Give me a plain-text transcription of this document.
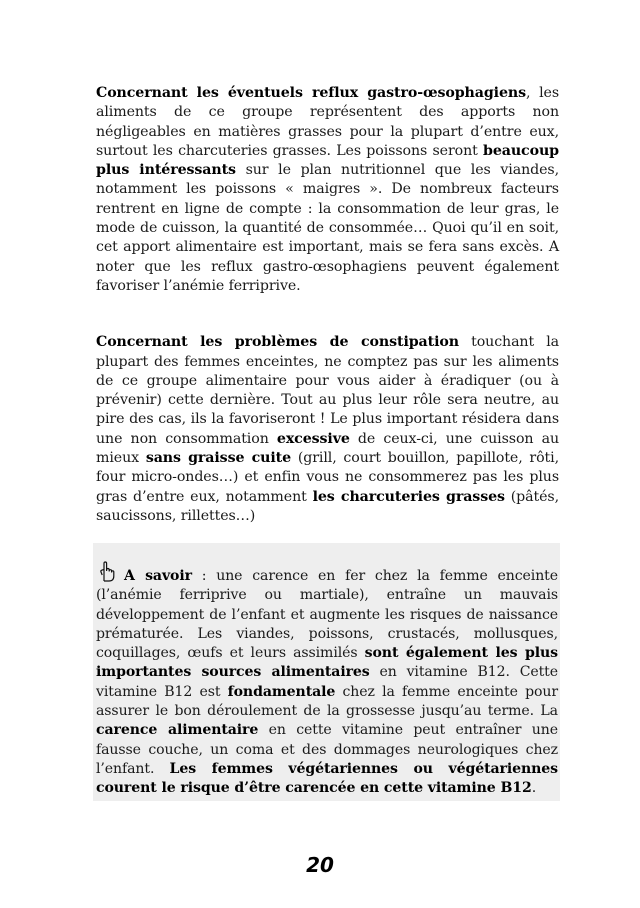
Concernant les éventuels reflux gastro-œsophagiens, les aliments de ce groupe représentent des apports non négligeables en matières grasses pour la plupart d’entre eux, surtout les charcuteries grasses. Les poissons seront beaucoup plus intéressants sur le plan nutritionnel que les viandes, notamment les poissons « maigres ». De nombreux facteurs rentrent en ligne de compte : la consommation de leur gras, le mode de cuisson, la quantité de consommée… Quoi qu’il en soit, cet apport alimentaire est important, mais se fera sans excès. A noter que les reflux gastro-œsophagiens peuvent également favoriser l’anémie ferriprive.

Concernant les problèmes de constipation touchant la plupart des femmes enceintes, ne comptez pas sur les aliments de ce groupe alimentaire pour vous aider à éradiquer (ou à prévenir) cette dernière. Tout au plus leur rôle sera neutre, au pire des cas, ils la favoriseront ! Le plus important résidera dans une non consommation excessive de ceux-ci, une cuisson au mieux sans graisse cuite (grill, court bouillon, papillote, rôti, four micro-ondes…) et enfin vous ne consommerez pas les plus gras d’entre eux, notamment les charcuteries grasses (pâtés, saucissons, rillettes…)

A savoir : une carence en fer chez la femme enceinte (l’anémie ferriprive ou martiale), entraîne un mauvais développement de l’enfant et augmente les risques de naissance prématurée. Les viandes, poissons, crustacés, mollusques, coquillages, œufs et leurs assimilés sont également les plus importantes sources alimentaires en vitamine B12. Cette vitamine B12 est fondamentale chez la femme enceinte pour assurer le bon déroulement de la grossesse jusqu’au terme. La carence alimentaire en cette vitamine peut entraîner une fausse couche, un coma et des dommages neurologiques chez l’enfant. Les femmes végétariennes ou végétariennes courent le risque d’être carencée en cette vitamine B12.

20
